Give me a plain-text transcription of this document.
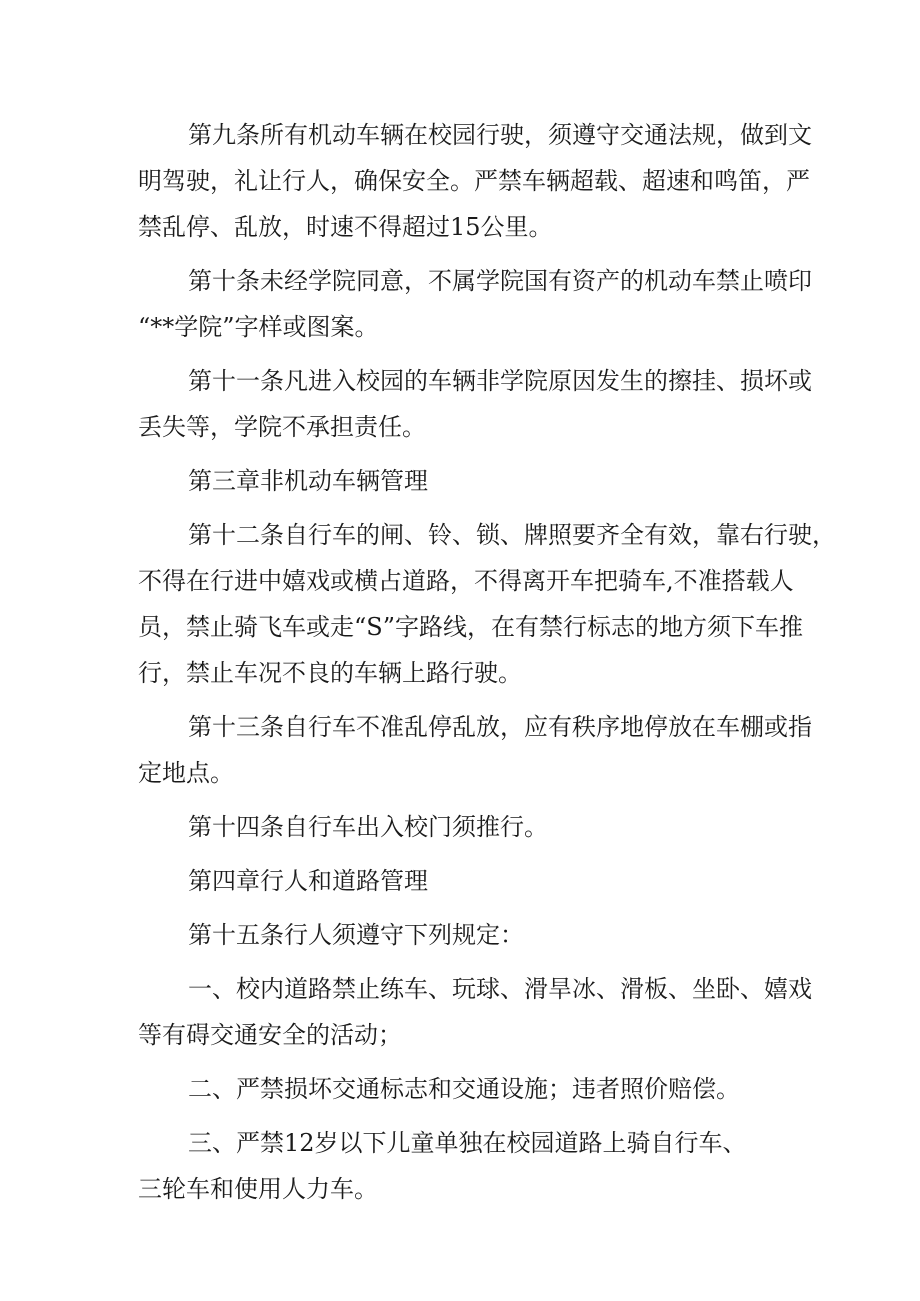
第九条所有机动车辆在校园行驶，须遵守交通法规，做到文
明驾驶，礼让行人，确保安全。严禁车辆超载、超速和鸣笛，严
禁乱停、乱放，时速不得超过15公里。
第十条未经学院同意，不属学院国有资产的机动车禁止喷印
“**学院”字样或图案。
第十一条凡进入校园的车辆非学院原因发生的擦挂、损坏或
丢失等，学院不承担责任。
第三章非机动车辆管理
第十二条自行车的闸、铃、锁、牌照要齐全有效，靠右行驶，
不得在行进中嬉戏或横占道路，不得离开车把骑车,不准搭载人
员，禁止骑飞车或走“S”字路线，在有禁行标志的地方须下车推
行，禁止车况不良的车辆上路行驶。
第十三条自行车不准乱停乱放，应有秩序地停放在车棚或指
定地点。
第十四条自行车出入校门须推行。
第四章行人和道路管理
第十五条行人须遵守下列规定：
一、校内道路禁止练车、玩球、滑旱冰、滑板、坐卧、嬉戏
等有碍交通安全的活动；
二、严禁损坏交通标志和交通设施；违者照价赔偿。
三、严禁12岁以下儿童单独在校园道路上骑自行车、
三轮车和使用人力车。
